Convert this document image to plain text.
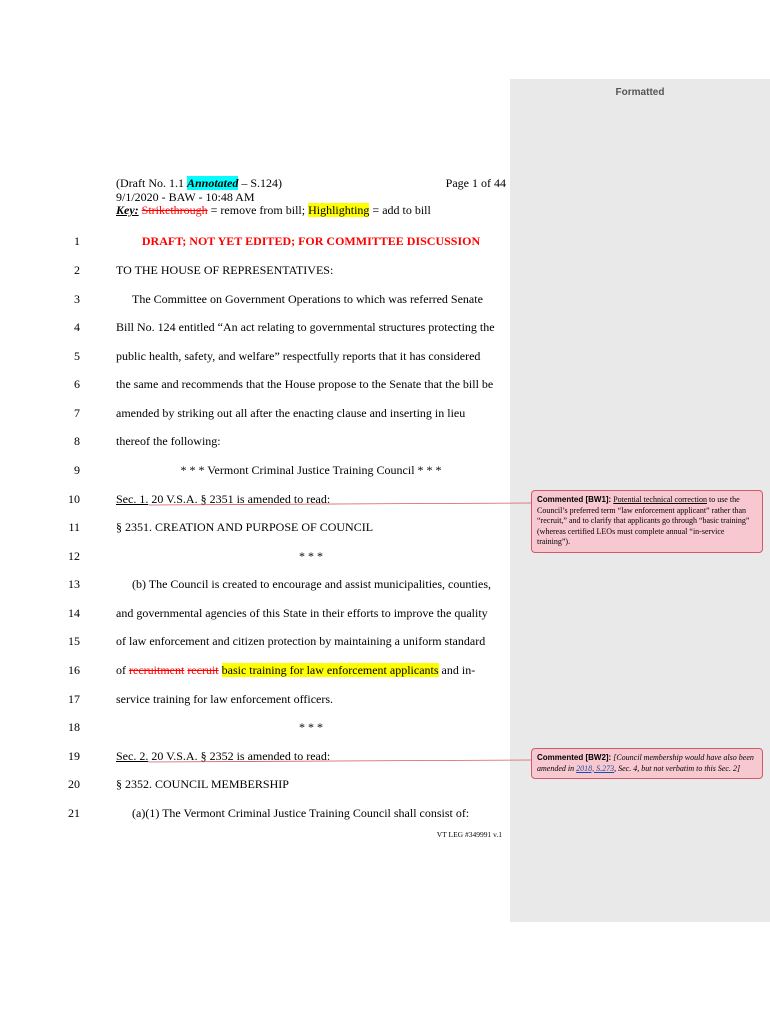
Formatted
(Draft No. 1.1 Annotated – S.124)	Page 1 of 44
9/1/2020 - BAW - 10:48 AM
Key: Strikethrough = remove from bill; Highlighting = add to bill
1
2
3
4
5
6
7
8
9
10
11
12
13
14
15
16
17
18
19
20
21
DRAFT; NOT YET EDITED; FOR COMMITTEE DISCUSSION
TO THE HOUSE OF REPRESENTATIVES:
The Committee on Government Operations to which was referred Senate
Bill No. 124 entitled “An act relating to governmental structures protecting the
public health, safety, and welfare” respectfully reports that it has considered
the same and recommends that the House propose to the Senate that the bill be
amended by striking out all after the enacting clause and inserting in lieu
thereof the following:
* * * Vermont Criminal Justice Training Council * * *
Sec. 1. 20 V.S.A. § 2351 is amended to read:
§ 2351. CREATION AND PURPOSE OF COUNCIL
* * *
(b) The Council is created to encourage and assist municipalities, counties,
and governmental agencies of this State in their efforts to improve the quality
of law enforcement and citizen protection by maintaining a uniform standard
of recruitment recruit basic training for law enforcement applicants and in-
service training for law enforcement officers.
* * *
Sec. 2. 20 V.S.A. § 2352 is amended to read:
§ 2352. COUNCIL MEMBERSHIP
(a)(1) The Vermont Criminal Justice Training Council shall consist of:
VT LEG #349991 v.1
Commented [BW1]: Potential technical correction to use the Council’s preferred term “law enforcement applicant” rather than “recruit,” and to clarify that applicants go through “basic training” (whereas certified LEOs must complete annual “in-service training”).
Commented [BW2]: [Council membership would have also been amended in 2018, S.273, Sec. 4, but not verbatim to this Sec. 2]
